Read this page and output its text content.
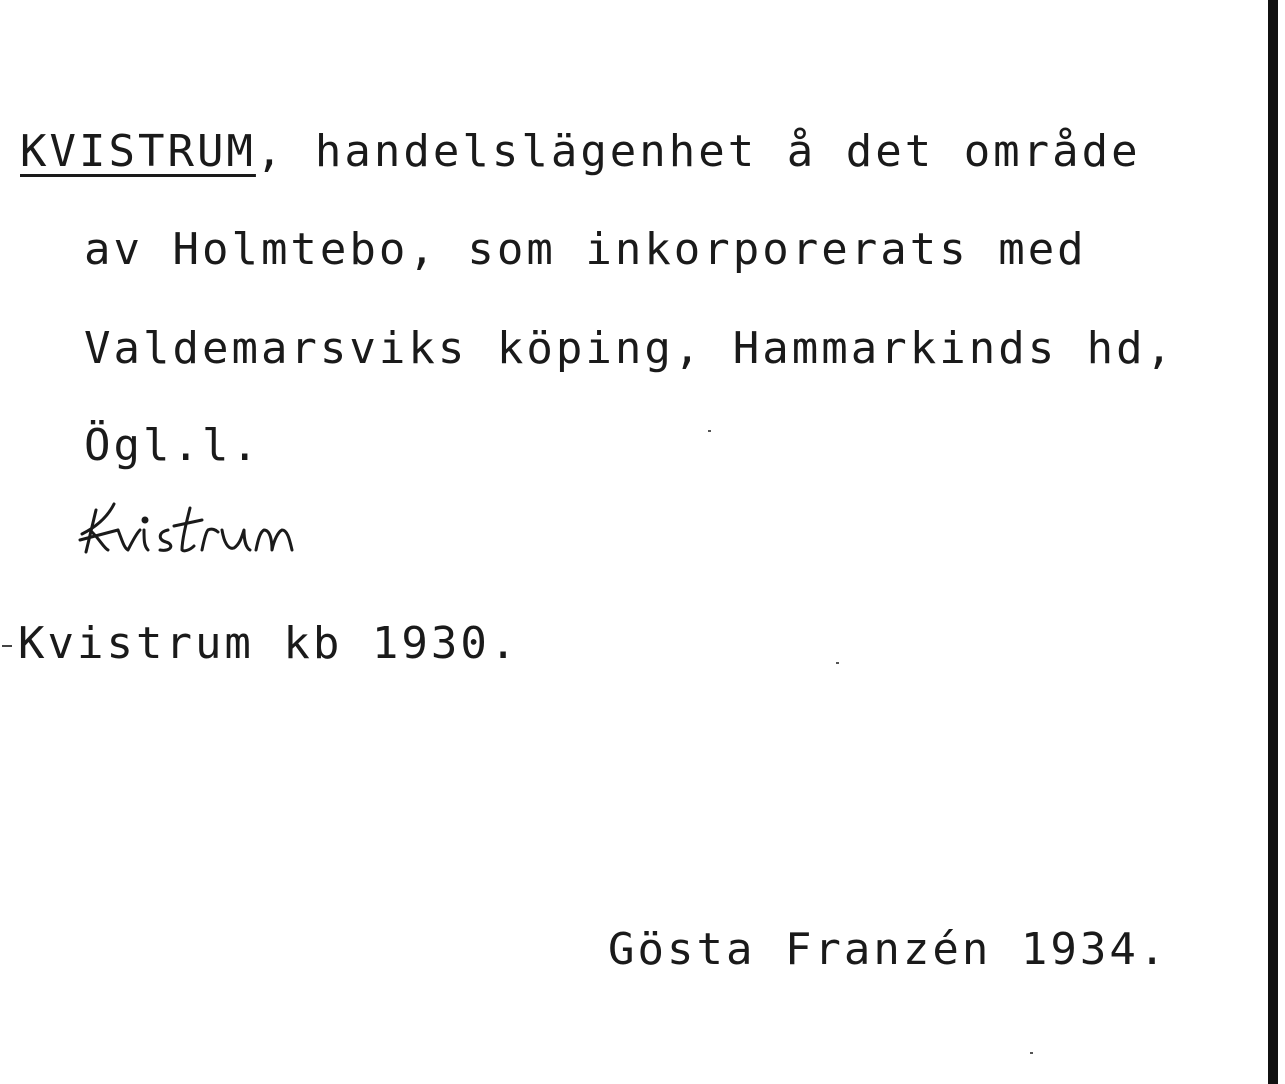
KVISTRUM, handelslägenhet å det område
av Holmtebo, som inkorporerats med
Valdemarsviks köping, Hammarkinds hd,
Ögl.l.
Kvistrum kb 1930.
Gösta Franzén 1934.
